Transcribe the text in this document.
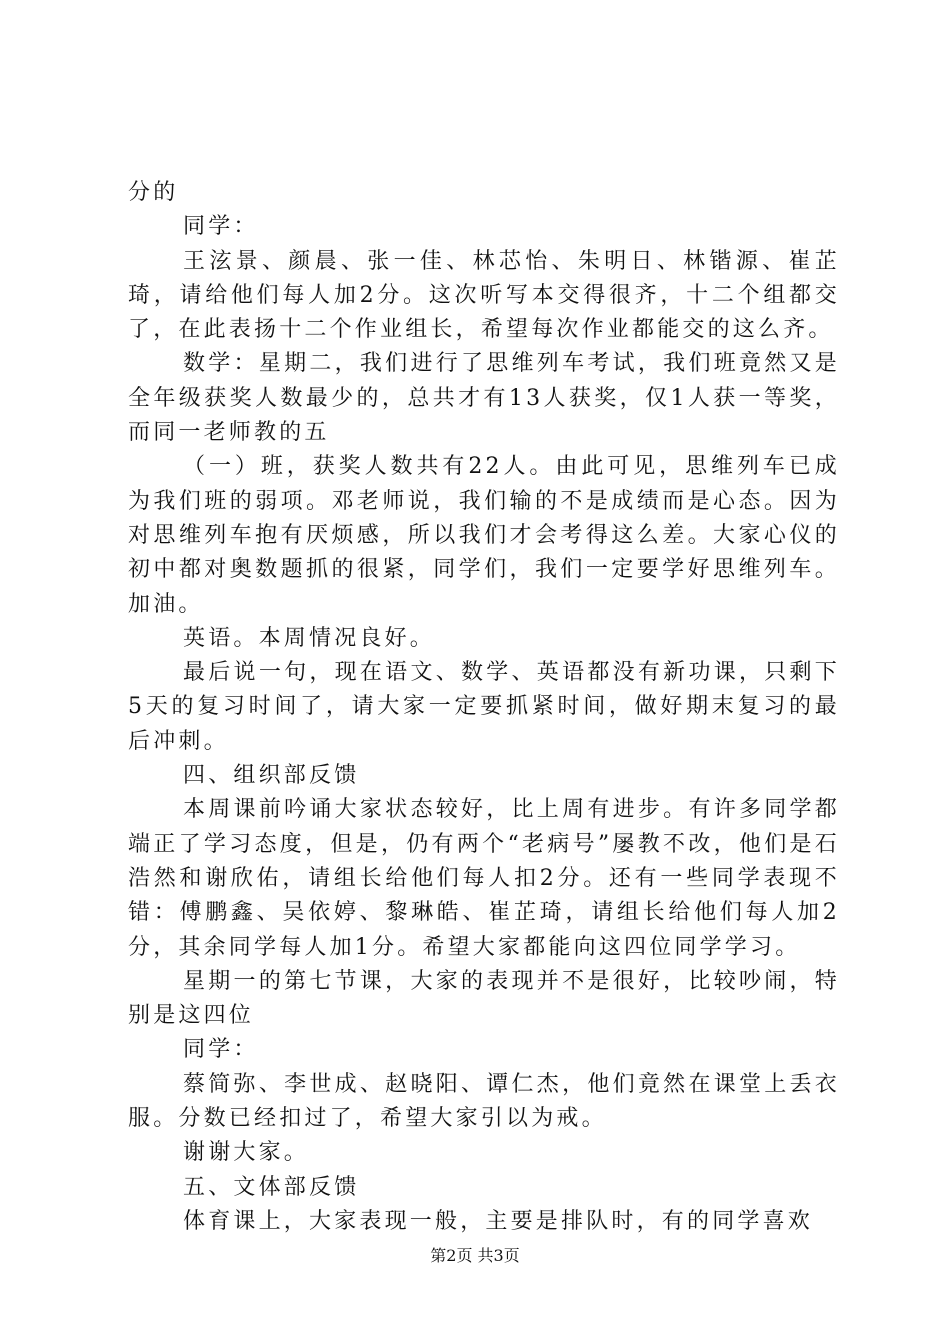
分的

同学：

王泫景、颜晨、张一佳、林芯怡、朱明日、林锴源、崔芷琦，请给他们每人加2分。这次听写本交得很齐，十二个组都交了，在此表扬十二个作业组长，希望每次作业都能交的这么齐。

数学：星期二，我们进行了思维列车考试，我们班竟然又是全年级获奖人数最少的，总共才有13人获奖，仅1人获一等奖，而同一老师教的五

（一）班，获奖人数共有22人。由此可见，思维列车已成为我们班的弱项。邓老师说，我们输的不是成绩而是心态。因为对思维列车抱有厌烦感，所以我们才会考得这么差。大家心仪的初中都对奥数题抓的很紧，同学们，我们一定要学好思维列车。加油。

英语。本周情况良好。

最后说一句，现在语文、数学、英语都没有新功课，只剩下5天的复习时间了，请大家一定要抓紧时间，做好期末复习的最后冲刺。

四、组织部反馈

本周课前吟诵大家状态较好，比上周有进步。有许多同学都端正了学习态度，但是，仍有两个“老病号”屡教不改，他们是石浩然和谢欣佑，请组长给他们每人扣2分。还有一些同学表现不错：傅鹏鑫、吴依婷、黎琳皓、崔芷琦，请组长给他们每人加2分，其余同学每人加1分。希望大家都能向这四位同学学习。

星期一的第七节课，大家的表现并不是很好，比较吵闹，特别是这四位

同学：

蔡简弥、李世成、赵晓阳、谭仁杰，他们竟然在课堂上丢衣服。分数已经扣过了，希望大家引以为戒。

谢谢大家。

五、文体部反馈

体育课上，大家表现一般，主要是排队时，有的同学喜欢

第2页 共3页
